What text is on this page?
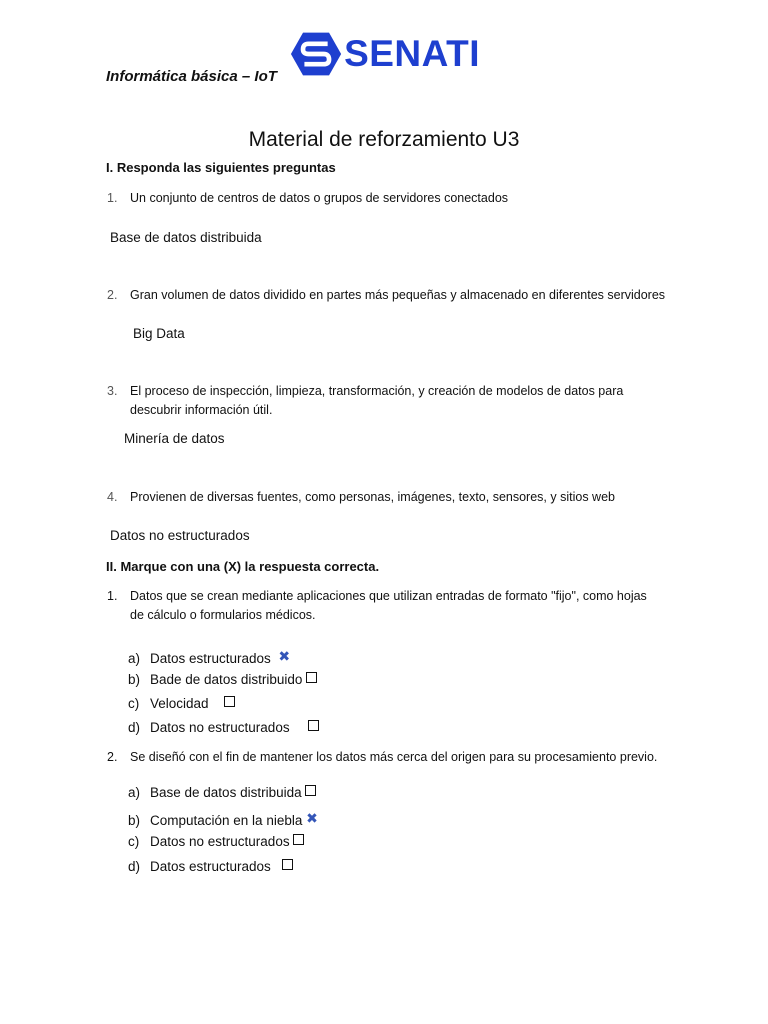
Informática básica – IoT
SENATI
Material de reforzamiento U3
I. Responda las siguientes preguntas
1. Un conjunto de centros de datos o grupos de servidores conectados
Base de datos distribuida
2. Gran volumen de datos dividido en partes más pequeñas y almacenado en diferentes servidores
Big Data
3. El proceso de inspección, limpieza, transformación, y creación de modelos de datos para
descubrir información útil.
Minería de datos
4. Provienen de diversas fuentes, como personas, imágenes, texto, sensores, y sitios web
Datos no estructurados
II. Marque con una (X) la respuesta correcta.
1. Datos que se crean mediante aplicaciones que utilizan entradas de formato "fijo", como hojas
de cálculo o formularios médicos.
a) Datos estructurados ✖
b) Bade de datos distribuido
c) Velocidad
d) Datos no estructurados
2. Se diseñó con el fin de mantener los datos más cerca del origen para su procesamiento previo.
a) Base de datos distribuida
b) Computación en la niebla ✖
c) Datos no estructurados
d) Datos estructurados
